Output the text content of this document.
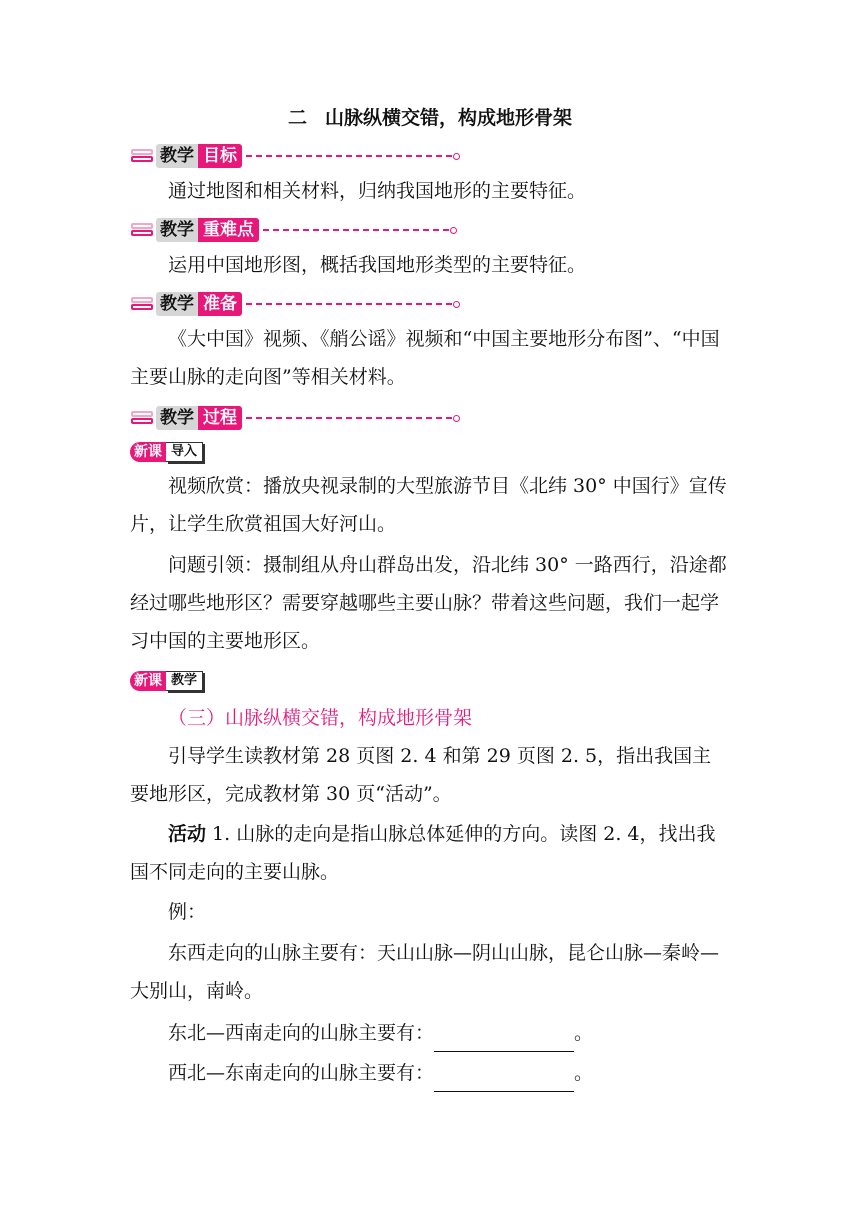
二 山脉纵横交错，构成地形骨架
教学 目标
通过地图和相关材料，归纳我国地形的主要特征。
教学 重难点
运用中国地形图，概括我国地形类型的主要特征。
教学 准备
《大中国》视频、《艄公谣》视频和“中国主要地形分布图”、“中国主要山脉的走向图”等相关材料。
教学 过程
新课 导入
视频欣赏：播放央视录制的大型旅游节目《北纬 30° 中国行》宣传片，让学生欣赏祖国大好河山。
问题引领：摄制组从舟山群岛出发，沿北纬 30° 一路西行，沿途都经过哪些地形区？需要穿越哪些主要山脉？带着这些问题，我们一起学习中国的主要地形区。
新课 教学
（三）山脉纵横交错，构成地形骨架
引导学生读教材第 28 页图 2. 4 和第 29 页图 2. 5，指出我国主要地形区，完成教材第 30 页“活动”。
活动 1. 山脉的走向是指山脉总体延伸的方向。读图 2. 4，找出我国不同走向的主要山脉。
例：
东西走向的山脉主要有：天山山脉—阴山山脉，昆仑山脉—秦岭—大别山，南岭。
东北—西南走向的山脉主要有：	。
西北—东南走向的山脉主要有：	。
